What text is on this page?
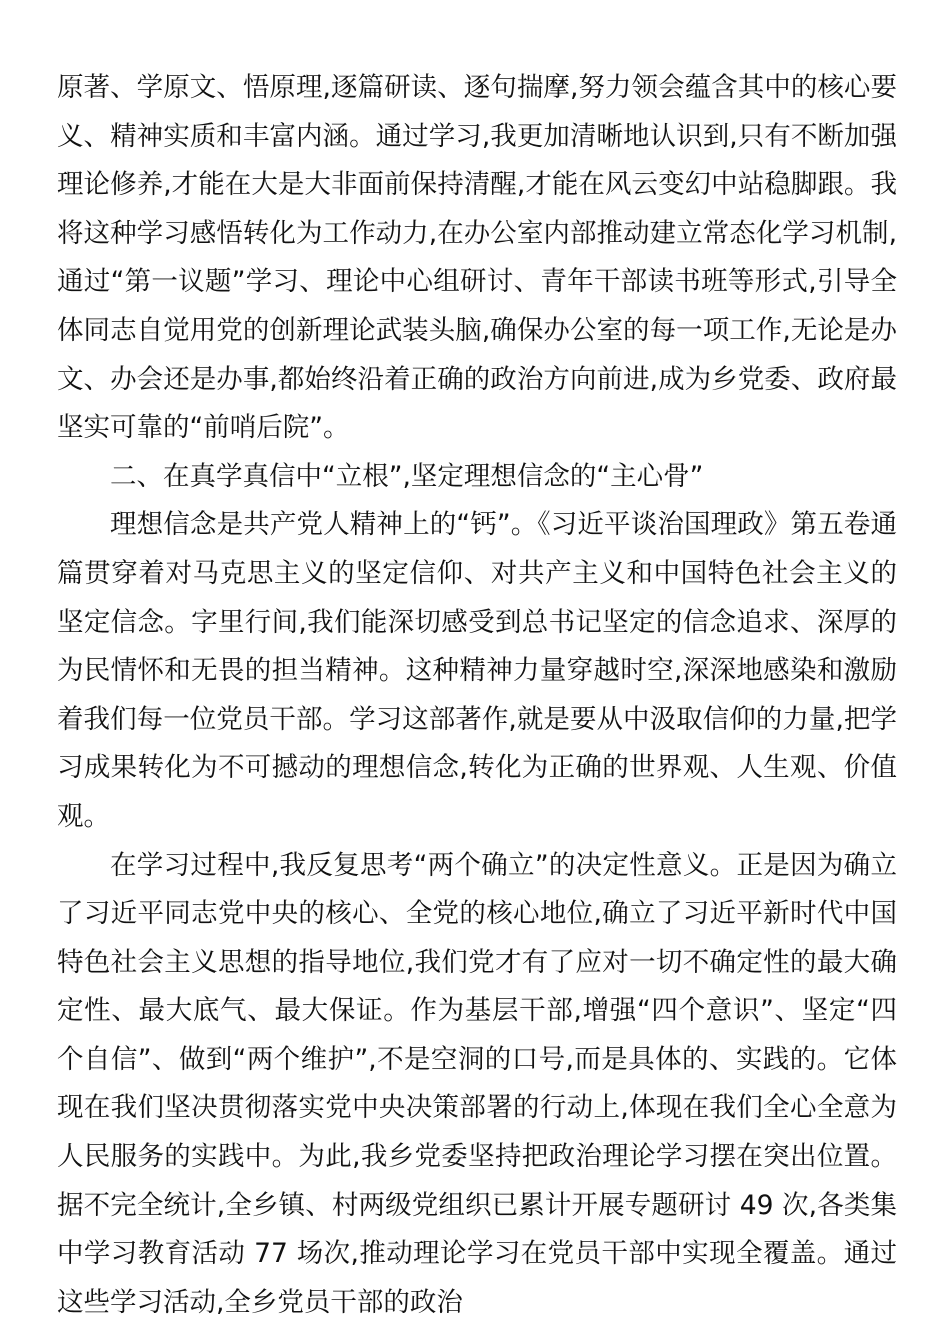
原著、学原文、悟原理,逐篇研读、逐句揣摩,努力领会蕴含其中的核心要义、精神实质和丰富内涵。通过学习,我更加清晰地认识到,只有不断加强理论修养,才能在大是大非面前保持清醒,才能在风云变幻中站稳脚跟。我将这种学习感悟转化为工作动力,在办公室内部推动建立常态化学习机制,通过“第一议题”学习、理论中心组研讨、青年干部读书班等形式,引导全体同志自觉用党的创新理论武装头脑,确保办公室的每一项工作,无论是办文、办会还是办事,都始终沿着正确的政治方向前进,成为乡党委、政府最坚实可靠的“前哨后院”。

二、在真学真信中“立根”,坚定理想信念的“主心骨”

理想信念是共产党人精神上的“钙”。《习近平谈治国理政》第五卷通篇贯穿着对马克思主义的坚定信仰、对共产主义和中国特色社会主义的坚定信念。字里行间,我们能深切感受到总书记坚定的信念追求、深厚的为民情怀和无畏的担当精神。这种精神力量穿越时空,深深地感染和激励着我们每一位党员干部。学习这部著作,就是要从中汲取信仰的力量,把学习成果转化为不可撼动的理想信念,转化为正确的世界观、人生观、价值观。

在学习过程中,我反复思考“两个确立”的决定性意义。正是因为确立了习近平同志党中央的核心、全党的核心地位,确立了习近平新时代中国特色社会主义思想的指导地位,我们党才有了应对一切不确定性的最大确定性、最大底气、最大保证。作为基层干部,增强“四个意识”、坚定“四个自信”、做到“两个维护”,不是空洞的口号,而是具体的、实践的。它体现在我们坚决贯彻落实党中央决策部署的行动上,体现在我们全心全意为人民服务的实践中。为此,我乡党委坚持把政治理论学习摆在突出位置。据不完全统计,全乡镇、村两级党组织已累计开展专题研讨 49 次,各类集中学习教育活动 77 场次,推动理论学习在党员干部中实现全覆盖。通过这些学习活动,全乡党员干部的政治
